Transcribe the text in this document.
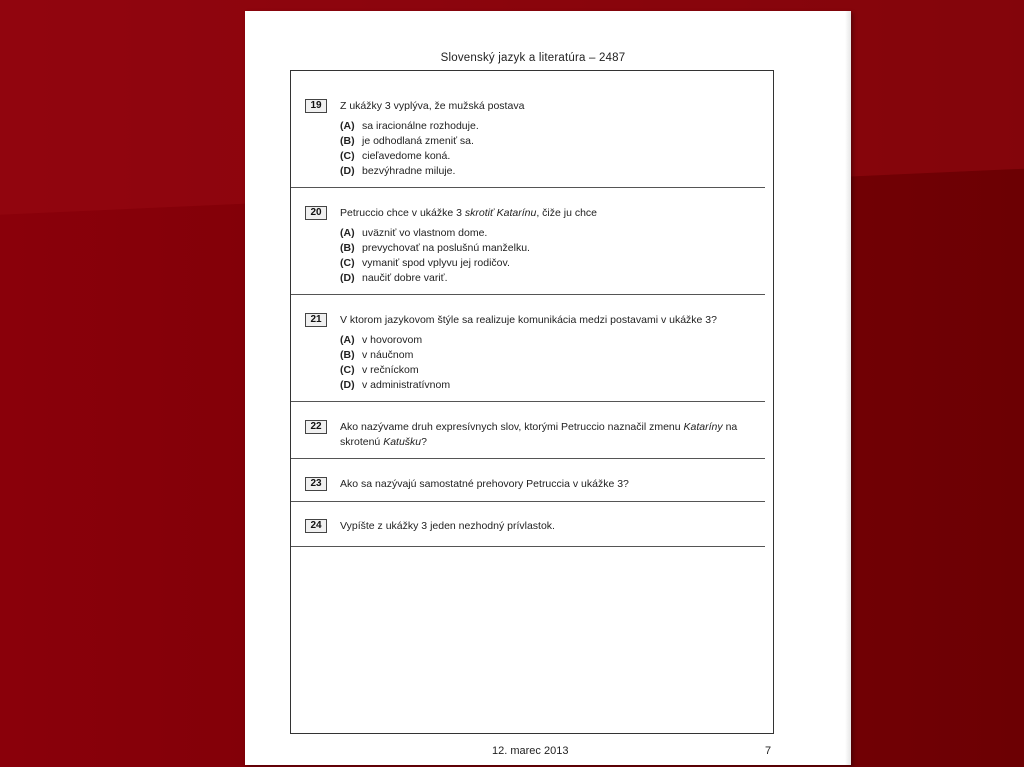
Slovenský jazyk a literatúra – 2487
19	Z ukážky 3 vyplýva, že mužská postava
(A) sa iracionálne rozhoduje.
(B) je odhodlaná zmeniť sa.
(C) cieľavedome koná.
(D) bezvýhradne miluje.
20	Petruccio chce v ukážke 3 skrotiť Katarínu, čiže ju chce
(A) uväzniť vo vlastnom dome.
(B) prevychovať na poslušnú manželku.
(C) vymaniť spod vplyvu jej rodičov.
(D) naučiť dobre variť.
21	V ktorom jazykovom štýle sa realizuje komunikácia medzi postavami v ukážke 3?
(A) v hovorovom
(B) v náučnom
(C) v rečníckom
(D) v administratívnom
22	Ako nazývame druh expresívnych slov, ktorými Petruccio naznačil zmenu Kataríny na skrotenú Katušku?
23	Ako sa nazývajú samostatné prehovory Petruccia v ukážke 3?
24	Vypíšte z ukážky 3 jeden nezhodný prívlastok.
12. marec 2013	7
